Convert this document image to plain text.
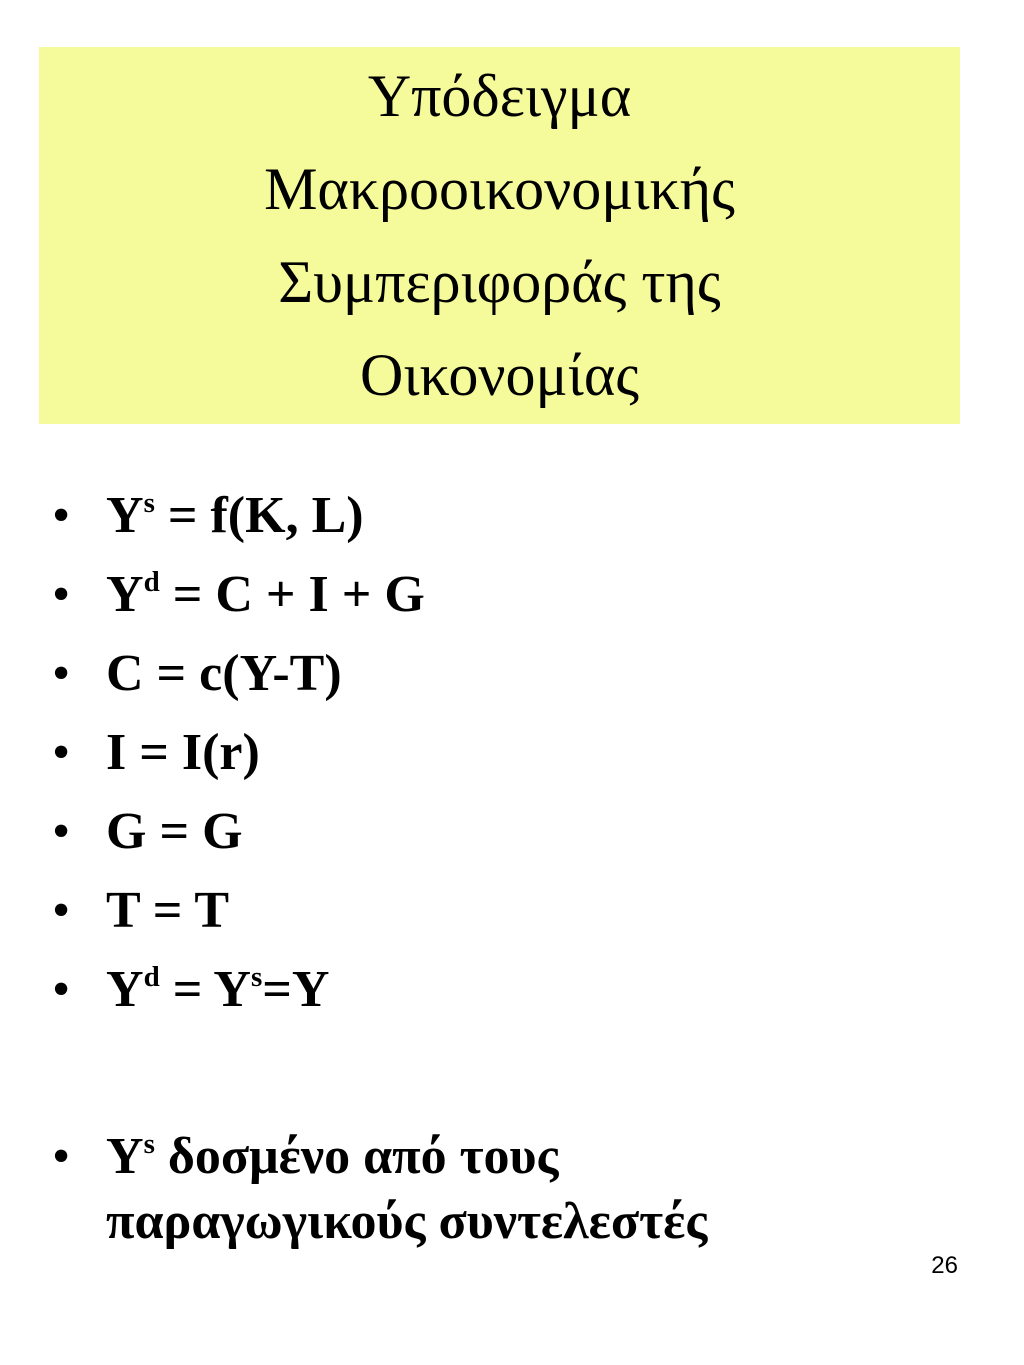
Υπόδειγμα
Μακροοικονομικής
Συμπεριφοράς της
Οικονομίας
• $Y^s = f(K$, L)
• $Y^d = C + I + G$
• C = c(Y-T)
• I = I(r)
• G = G
• T = T
• $Y^d = Y^s=Y$
• $Y^s$ δοσμένο από τους
παραγωγικούς συντελεστές
26
